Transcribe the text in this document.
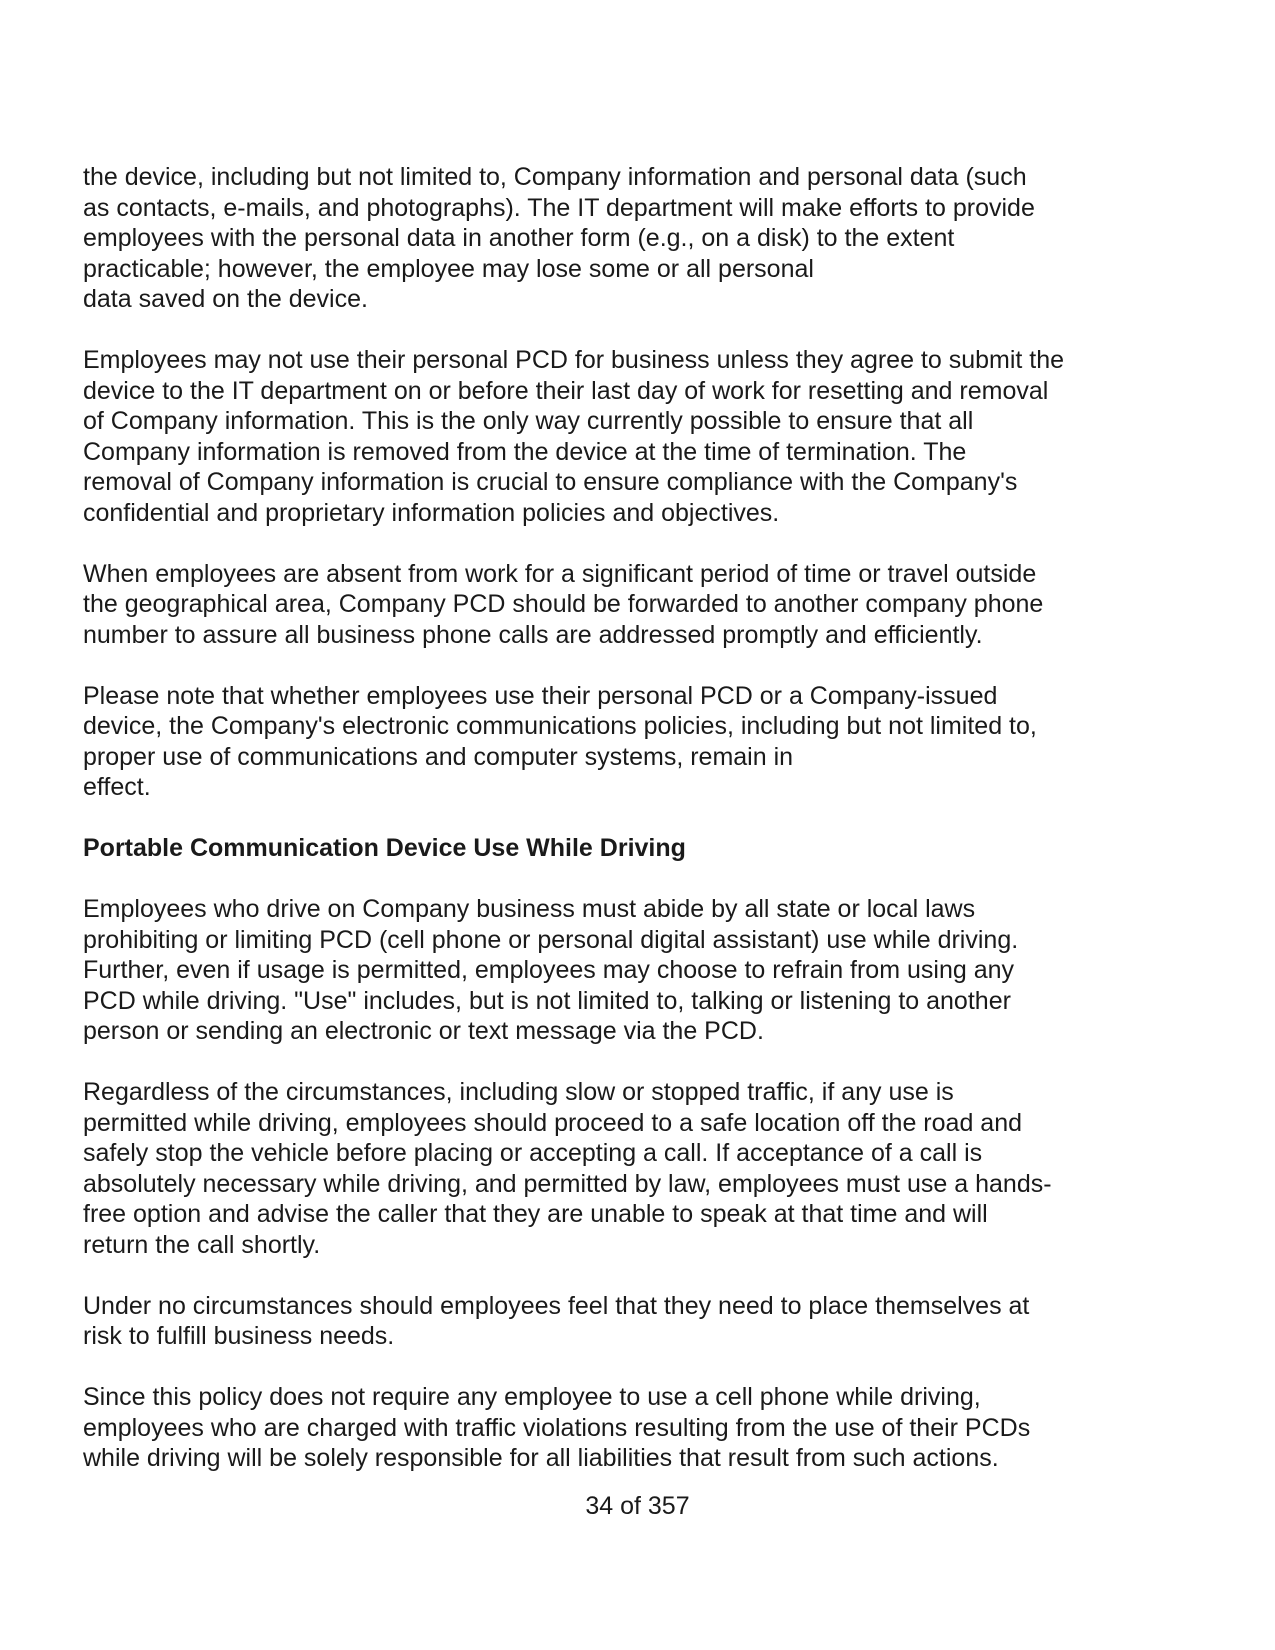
the device, including but not limited to, Company information and personal data (such
as contacts, e-mails, and photographs). The IT department will make efforts to provide
employees with the personal data in another form (e.g., on a disk) to the extent
practicable; however, the employee may lose some or all personal
data saved on the device.
Employees may not use their personal PCD for business unless they agree to submit the
device to the IT department on or before their last day of work for resetting and removal
of Company information. This is the only way currently possible to ensure that all
Company information is removed from the device at the time of termination. The
removal of Company information is crucial to ensure compliance with the Company's
confidential and proprietary information policies and objectives.
When employees are absent from work for a significant period of time or travel outside
the geographical area, Company PCD should be forwarded to another company phone
number to assure all business phone calls are addressed promptly and efficiently.
Please note that whether employees use their personal PCD or a Company-issued
device, the Company's electronic communications policies, including but not limited to,
proper use of communications and computer systems, remain in
effect.
Portable Communication Device Use While Driving
Employees who drive on Company business must abide by all state or local laws
prohibiting or limiting PCD (cell phone or personal digital assistant) use while driving.
Further, even if usage is permitted, employees may choose to refrain from using any
PCD while driving. "Use" includes, but is not limited to, talking or listening to another
person or sending an electronic or text message via the PCD.
Regardless of the circumstances, including slow or stopped traffic, if any use is
permitted while driving, employees should proceed to a safe location off the road and
safely stop the vehicle before placing or accepting a call. If acceptance of a call is
absolutely necessary while driving, and permitted by law, employees must use a hands-
free option and advise the caller that they are unable to speak at that time and will
return the call shortly.
Under no circumstances should employees feel that they need to place themselves at
risk to fulfill business needs.
Since this policy does not require any employee to use a cell phone while driving,
employees who are charged with traffic violations resulting from the use of their PCDs
while driving will be solely responsible for all liabilities that result from such actions.
34 of 357
